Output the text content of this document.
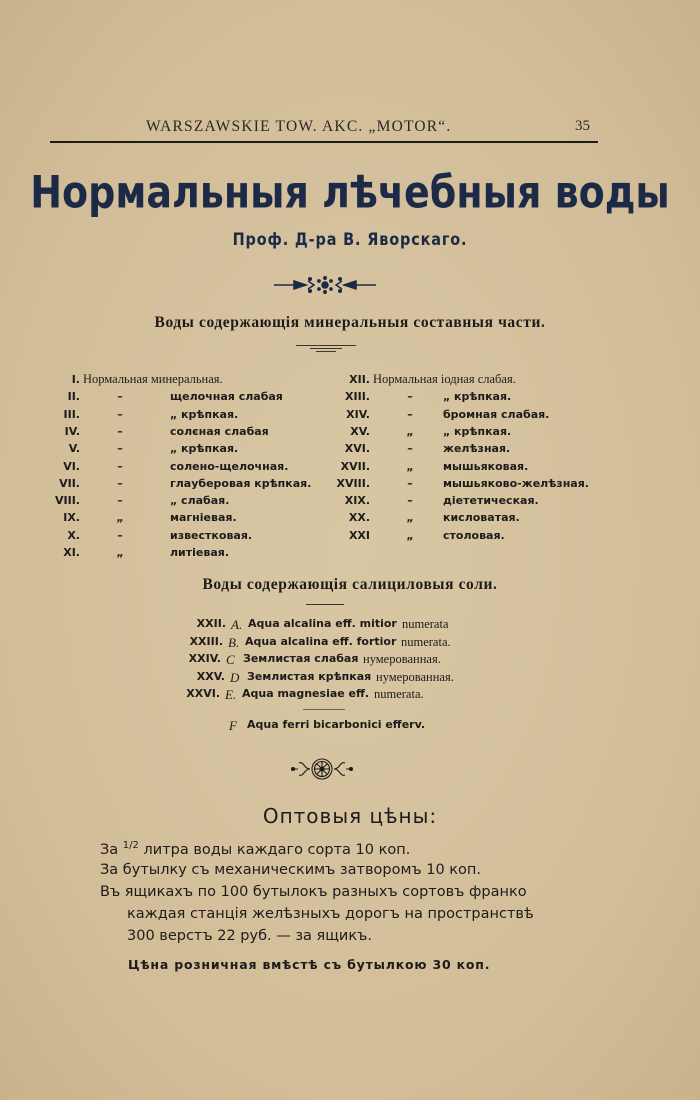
WARSZAWSKIE TOW. AKC. „MOTOR“.	35
Нормальныя лѣчебныя воды
Проф. Д-ра В. Яворскаго.
Воды содержающія минеральныя составныя части.
I. Нормальная минеральная.
II.	–	щелочная слабая
III.	–	„ крѣпкая.
IV.	–	солєная слабая
V.	–	„ крѣпкая.
VI.	–	солено-щелочная.
VII.	–	глауберовая крѣпкая.
VIII.	–	„ слабая.
IX.	„	магнiевая.
X.	–	известковая.
XI.	„	литiевая.
XII. Нормальная iодная слабая.
XIII.	–	„ крѣпкая.
XIV.	–	бромная слабая.
XV.	„	„ крѣпкая.
XVI.	–	желѣзная.
XVII.	„	мышьяковая.
XVIII.	–	мышьяково-желѣзная.
XIX.	–	дiететическая.
XX.	„	кисловатая.
XXI	„	столовая.
Воды содержающія салициловыя соли.
XXII. A. Aqua alcalina eff. mitior numerata
XXIII. B. Aqua alcalina eff. fortior numerata.
XXIV. C Землистая слабая нумерованная.
XXV. D Землистая крѣпкая нумерованная.
XXVI. E. Aqua magnesiae eff. numerata.
F Aqua ferri bicarbonici efferv.
Оптовыя цѣны:
За $^{1/2}$ литра воды каждаго сорта 10 коп.
За бутылку съ механическимъ затворомъ 10 коп.
Въ ящикахъ по 100 бутылокъ разныхъ сортовъ франко
каждая станція желѣзныхъ дорогъ на пространствѣ
300 верстъ 22 руб. — за ящикъ.
Цѣна розничная вмѣстѣ съ бутылкою 30 коп.
